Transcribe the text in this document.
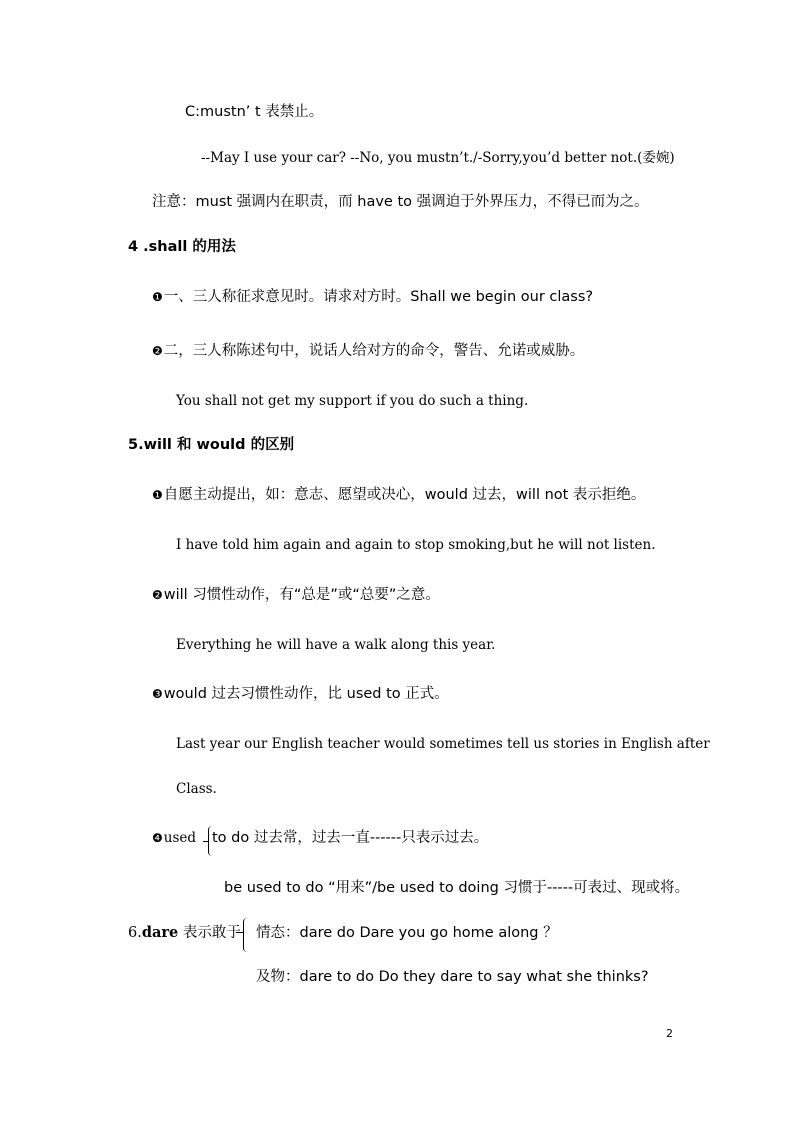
C:mustn’ t 表禁止。
--May I use your car? --No, you mustn’t./-Sorry,you’d better not.(委婉)
注意：must 强调内在职责，而 have to 强调迫于外界压力，不得已而为之。
4 .shall 的用法
❶一、三人称征求意见时。请求对方时。Shall we begin our class?
❷二，三人称陈述句中，说话人给对方的命令，警告、允诺或威胁。
You shall not get my support if you do such a thing.
5.will 和 would 的区别
❶自愿主动提出，如：意志、愿望或决心，would 过去，will not 表示拒绝。
I have told him again and again to stop smoking,but he will not listen.
❷will 习惯性动作，有“总是”或“总要”之意。
Everything he will have a walk along this year.
❸would 过去习惯性动作，比 used to 正式。
Last year our English teacher would sometimes tell us stories in English after
Class.
❹used to do 过去常，过去一直------只表示过去。
be used to do “用来”/be used to doing 习惯于-----可表过、现或将。
6.dare 表示敢于 情态：dare do Dare you go home along ？
及物：dare to do Do they dare to say what she thinks?
2
